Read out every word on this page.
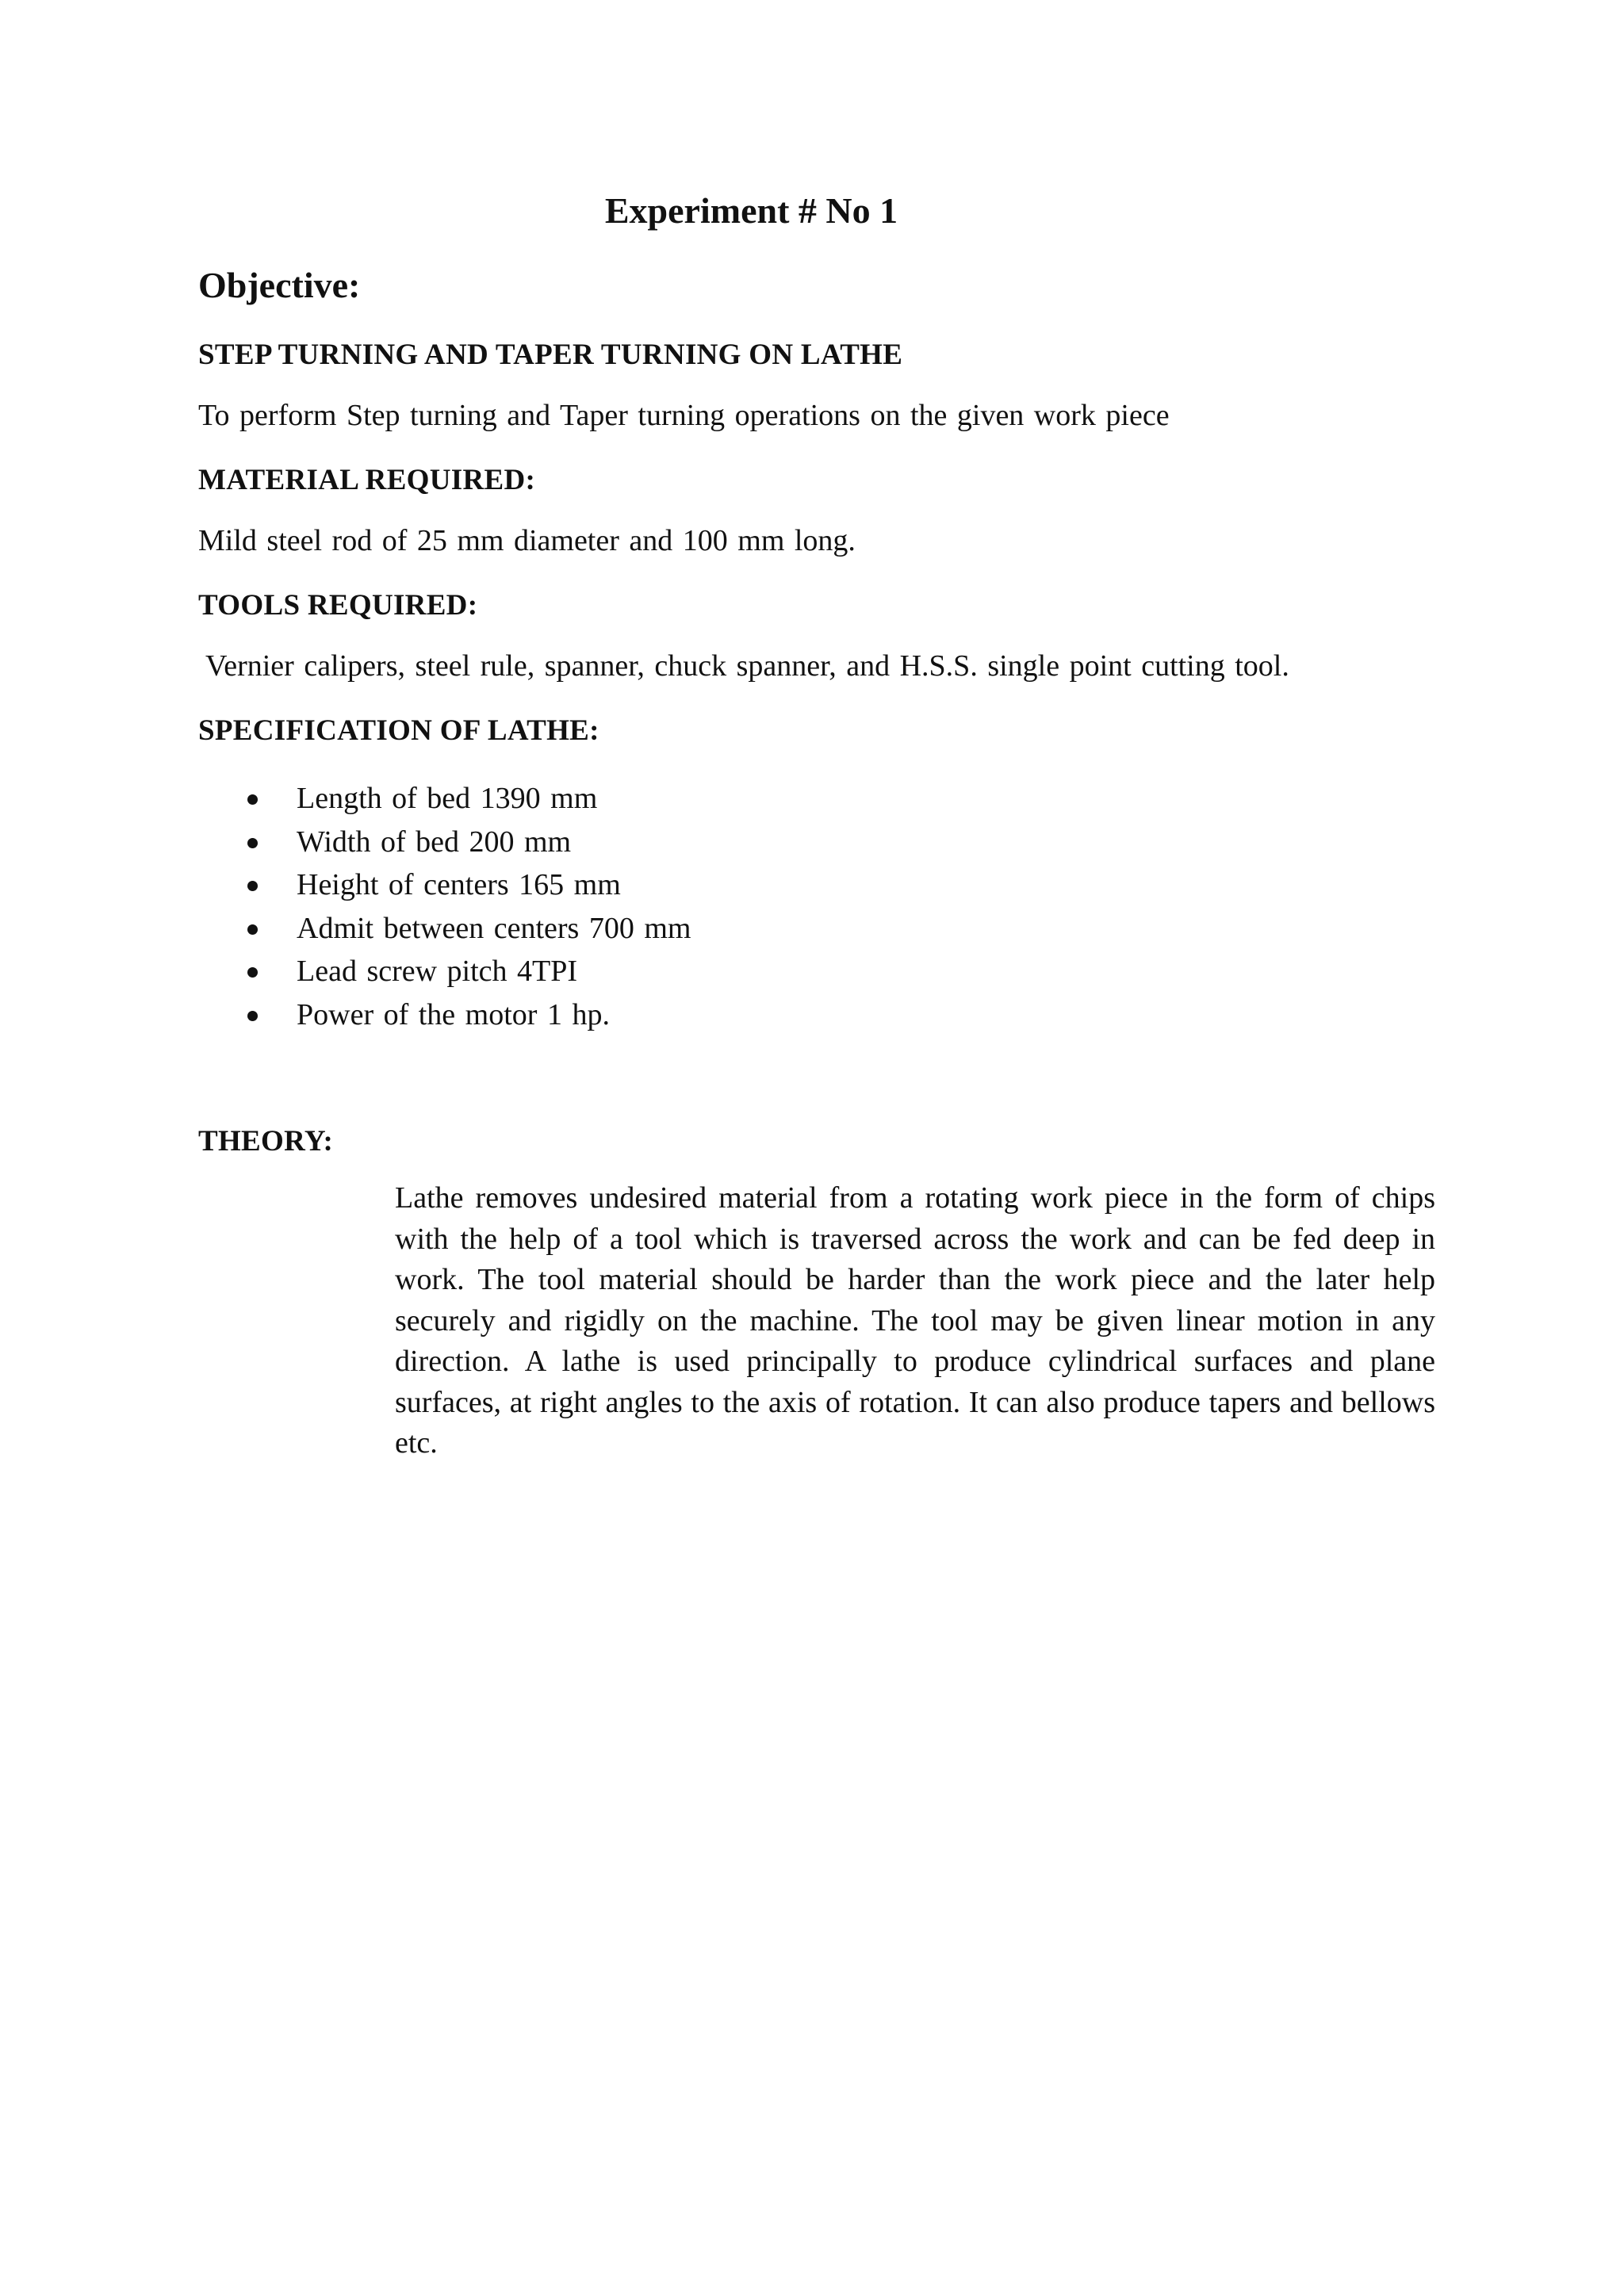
Experiment # No 1
Objective:
STEP TURNING AND TAPER TURNING ON LATHE
To perform Step turning and Taper turning operations on the given work piece
MATERIAL REQUIRED:
Mild steel rod of 25 mm diameter and 100 mm long.
TOOLS REQUIRED:
Vernier calipers, steel rule, spanner, chuck spanner, and H.S.S. single point cutting tool.
SPECIFICATION OF LATHE:
Length of bed 1390 mm
Width of bed 200 mm
Height of centers 165 mm
Admit between centers 700 mm
Lead screw pitch 4TPI
Power of the motor 1 hp.
THEORY:

Lathe removes undesired material from a rotating work piece in the form of chips with the help of a tool which is traversed across the work and can be fed deep in work. The tool material should be harder than the work piece and the later help securely and rigidly on the machine. The tool may be given linear motion in any direction. A lathe is used principally to produce cylindrical surfaces and plane surfaces, at right angles to the axis of rotation. It can also produce tapers and bellows etc.
